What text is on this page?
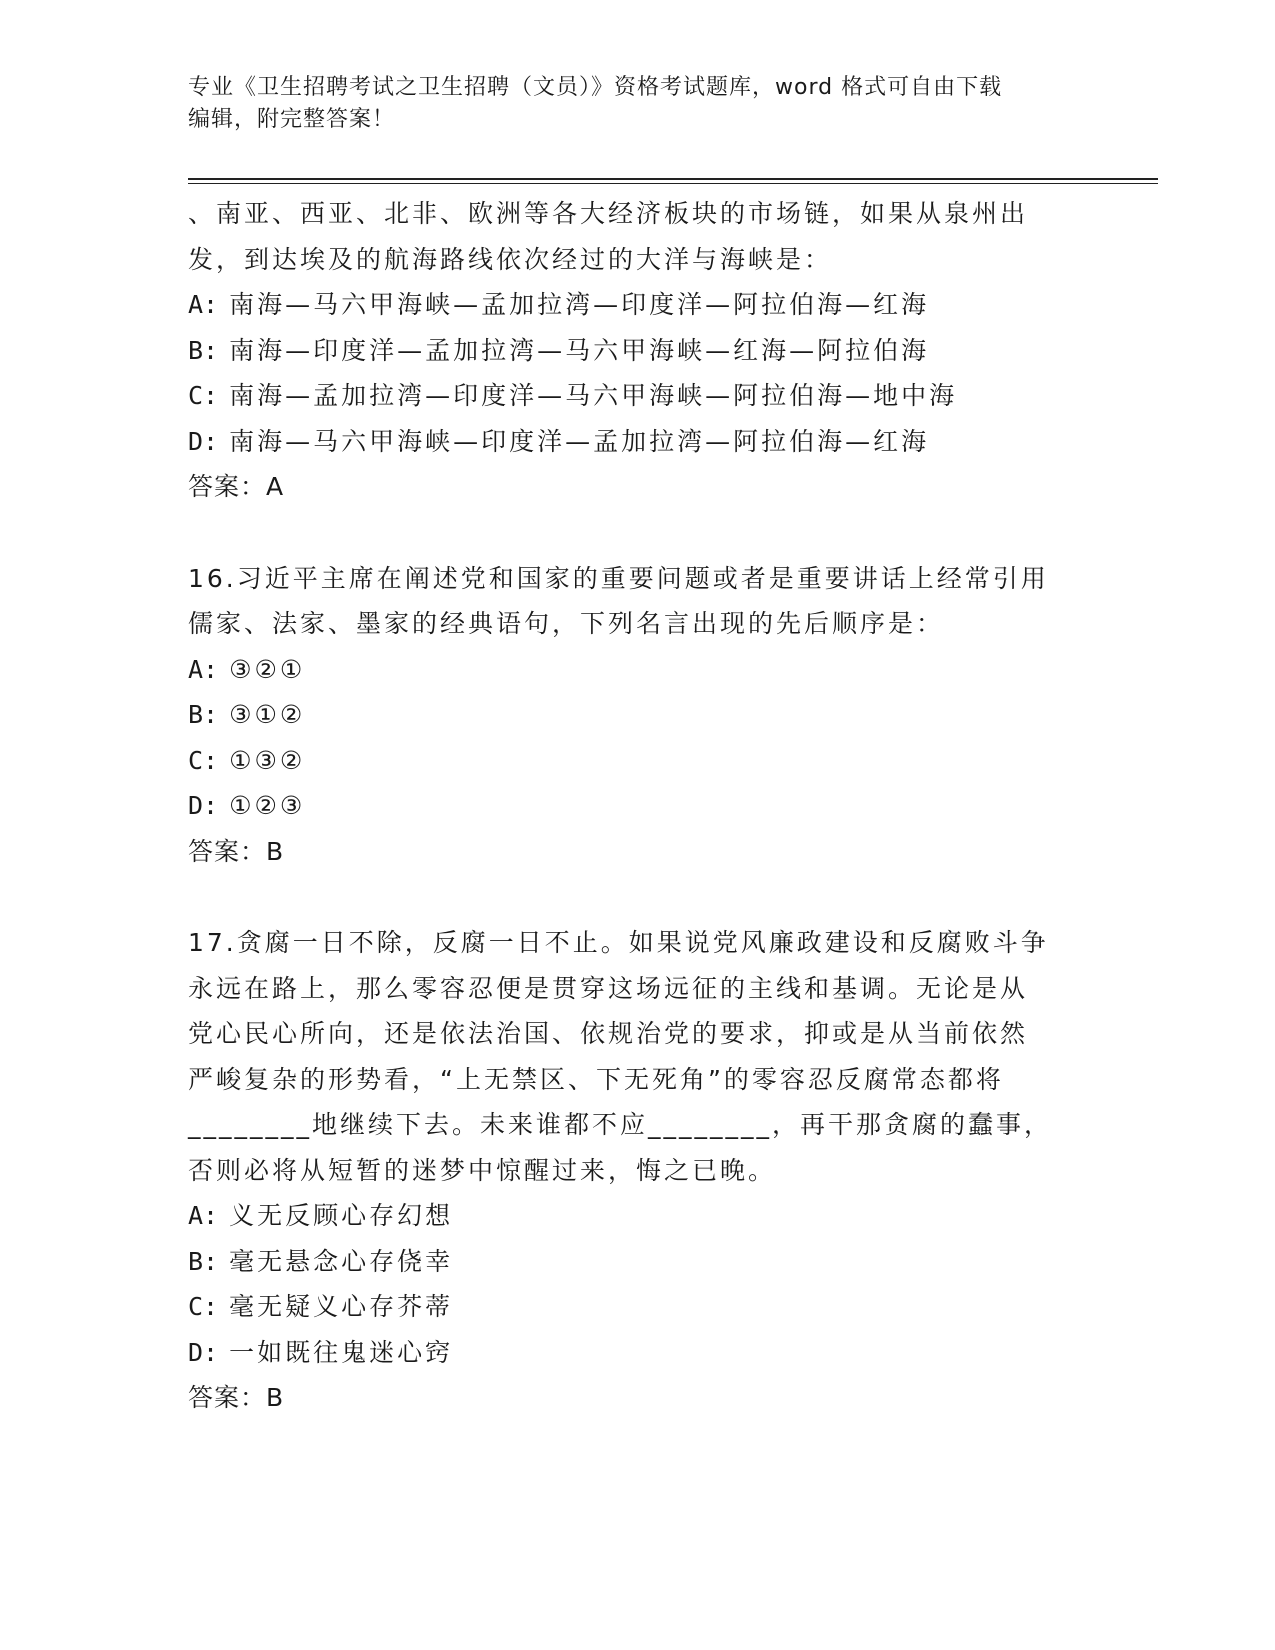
专业《卫生招聘考试之卫生招聘（文员）》资格考试题库，word 格式可自由下载
编辑，附完整答案！
、南亚、西亚、北非、欧洲等各大经济板块的市场链，如果从泉州出
发，到达埃及的航海路线依次经过的大洋与海峡是：
A: 南海—马六甲海峡—孟加拉湾—印度洋—阿拉伯海—红海
B: 南海—印度洋—孟加拉湾—马六甲海峡—红海—阿拉伯海
C: 南海—孟加拉湾—印度洋—马六甲海峡—阿拉伯海—地中海
D: 南海—马六甲海峡—印度洋—孟加拉湾—阿拉伯海—红海
答案：A
16.习近平主席在阐述党和国家的重要问题或者是重要讲话上经常引用
儒家、法家、墨家的经典语句，下列名言出现的先后顺序是：
A: ③②①
B: ③①②
C: ①③②
D: ①②③
答案：B
17.贪腐一日不除，反腐一日不止。如果说党风廉政建设和反腐败斗争
永远在路上，那么零容忍便是贯穿这场远征的主线和基调。无论是从
党心民心所向，还是依法治国、依规治党的要求，抑或是从当前依然
严峻复杂的形势看，“上无禁区、下无死角”的零容忍反腐常态都将
________地继续下去。未来谁都不应________，再干那贪腐的蠢事，
否则必将从短暂的迷梦中惊醒过来，悔之已晚。
A: 义无反顾心存幻想
B: 毫无悬念心存侥幸
C: 毫无疑义心存芥蒂
D: 一如既往鬼迷心窍
答案：B
